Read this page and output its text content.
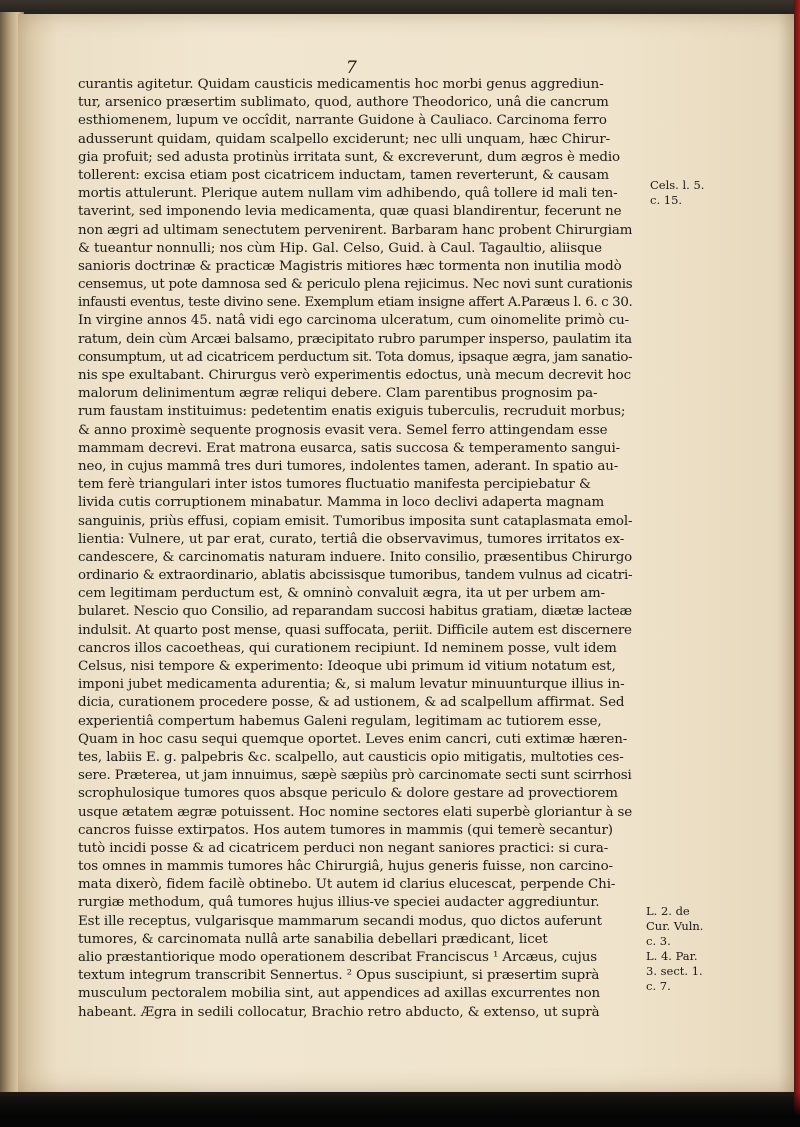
7
curantis agitetur. Quidam causticis medicamentis hoc morbi genus aggrediun-
tur, arsenico præsertim sublimato, quod, authore Theodorico, unâ die cancrum
esthiomenem, lupum ve occîdit, narrante Guidone à Cauliaco. Carcinoma ferro
adusserunt quidam, quidam scalpello exciderunt; nec ulli unquam, hæc Chirur-
gia profuit; sed adusta protinùs irritata sunt, & excreverunt, dum ægros è medio
tollerent: excisa etiam post cicatricem inductam, tamen reverterunt, & causam
mortis attulerunt. Plerique autem nullam vim adhibendo, quâ tollere id mali ten-
taverint, sed imponendo levia medicamenta, quæ quasi blandirentur, fecerunt ne
non ægri ad ultimam senectutem pervenirent. Barbaram hanc probent Chirurgiam
& tueantur nonnulli; nos cùm Hip. Gal. Celso, Guid. à Caul. Tagaultio, aliisque
sanioris doctrinæ & practicæ Magistris mitiores hæc tormenta non inutilia modò
censemus, ut pote damnosa sed & periculo plena rejicimus. Nec novi sunt curationis
infausti eventus, teste divino sene. Exemplum etiam insigne affert A.Paræus l. 6. c 30.
In virgine annos 45. natâ vidi ego carcinoma ulceratum, cum oinomelite primò cu-
ratum, dein cùm Arcæi balsamo, præcipitato rubro parumper insperso, paulatim ita
consumptum, ut ad cicatricem perductum sit. Tota domus, ipsaque ægra, jam sanatio-
nis spe exultabant. Chirurgus verò experimentis edoctus, unà mecum decrevit hoc
malorum delinimentum ægræ reliqui debere. Clam parentibus prognosim pa-
rum faustam instituimus: pedetentim enatis exiguis tuberculis, recruduit morbus;
& anno proximè sequente prognosis evasit vera. Semel ferro attingendam esse
mammam decrevi. Erat matrona eusarca, satis succosa & temperamento sangui-
neo, in cujus mammâ tres duri tumores, indolentes tamen, aderant. In spatio au-
tem ferè triangulari inter istos tumores fluctuatio manifesta percipiebatur &
livida cutis corruptionem minabatur. Mamma in loco declivi adaperta magnam
sanguinis, priùs effusi, copiam emisit. Tumoribus imposita sunt cataplasmata emol-
lientia: Vulnere, ut par erat, curato, tertiâ die observavimus, tumores irritatos ex-
candescere, & carcinomatis naturam induere. Inito consilio, præsentibus Chirurgo
ordinario & extraordinario, ablatis abcissisque tumoribus, tandem vulnus ad cicatri-
cem legitimam perductum est, & omninò convaluit ægra, ita ut per urbem am-
bularet. Nescio quo Consilio, ad reparandam succosi habitus gratiam, diætæ lacteæ
indulsit. At quarto post mense, quasi suffocata, periit. Difficile autem est discernere
cancros illos cacoetheas, qui curationem recipiunt. Id neminem posse, vult idem
Celsus, nisi tempore & experimento: Ideoque ubi primum id vitium notatum est,
imponi jubet medicamenta adurentia; &, si malum levatur minuunturque illius in-
dicia, curationem procedere posse, & ad ustionem, & ad scalpellum affirmat. Sed
experientiâ compertum habemus Galeni regulam, legitimam ac tutiorem esse,
Quam in hoc casu sequi quemque oportet. Leves enim cancri, cuti extimæ hæren-
tes, labiis E. g. palpebris &c. scalpello, aut causticis opio mitigatis, multoties ces-
sere. Præterea, ut jam innuimus, sæpè sæpiùs prò carcinomate secti sunt scirrhosi
scrophulosique tumores quos absque periculo & dolore gestare ad provectiorem
usque ætatem ægræ potuissent. Hoc nomine sectores elati superbè gloriantur à se
cancros fuisse extirpatos. Hos autem tumores in mammis (qui temerè secantur)
tutò incidi posse & ad cicatricem perduci non negant saniores practici: si cura-
tos omnes in mammis tumores hâc Chirurgiâ, hujus generis fuisse, non carcino-
mata dixerò, fidem facilè obtinebo. Ut autem id clarius elucescat, perpende Chi-
rurgiæ methodum, quâ tumores hujus illius-ve speciei audacter aggrediuntur.
Est ille receptus, vulgarisque mammarum secandi modus, quo dictos auferunt
tumores, & carcinomata nullâ arte sanabilia debellari prædicant, licet
alio præstantiorique modo operationem describat Franciscus ¹ Arcæus, cujus
textum integrum transcribit Sennertus. ² Opus suscipiunt, si præsertim suprà
musculum pectoralem mobilia sint, aut appendices ad axillas excurrentes non
habeant. Ægra in sedili collocatur, Brachio retro abducto, & extenso, ut suprà
Cels. l. 5.
c. 15.
L. 2. de
Cur. Vuln.
c. 3.
L. 4. Par.
3. sect. 1.
c. 7.
